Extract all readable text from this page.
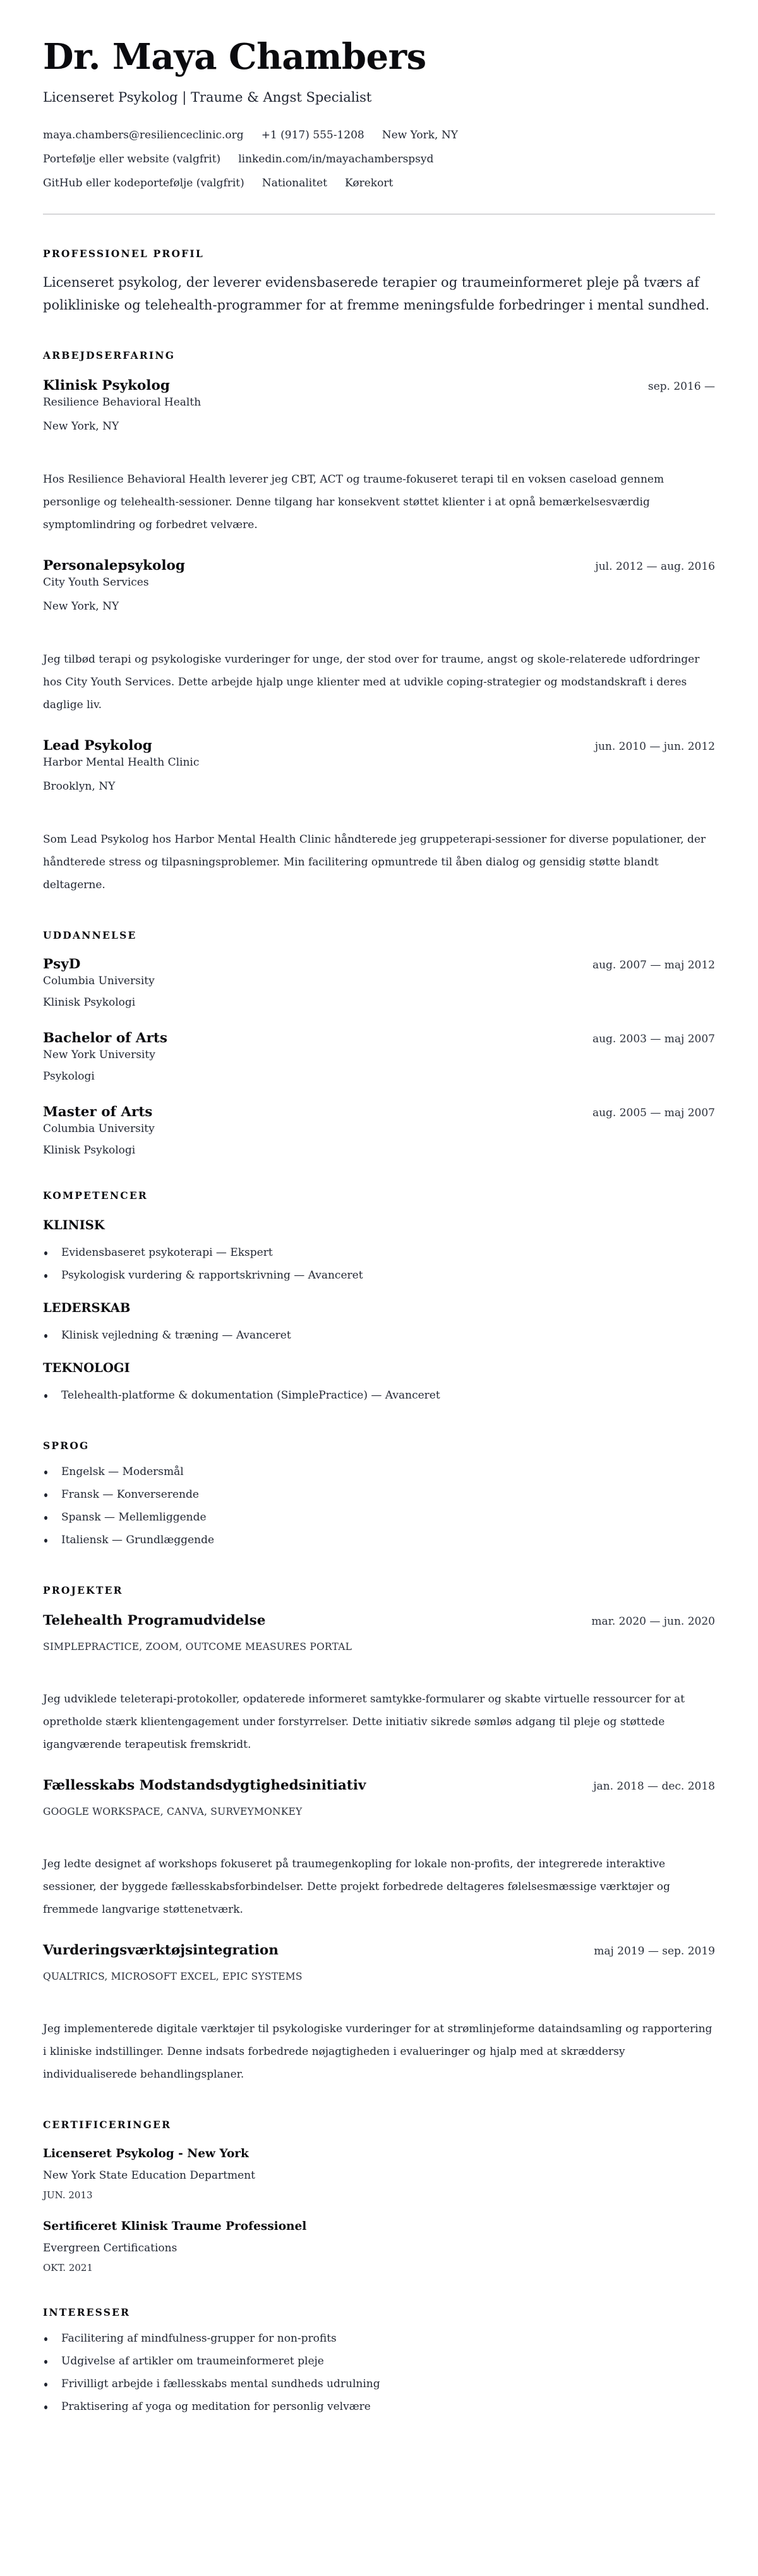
Dr. Maya Chambers
Licenseret Psykolog | Traume & Angst Specialist
maya.chambers@resilienceclinic.org +1 (917) 555-1208 New York, NY
Portefølje eller website (valgfrit) linkedin.com/in/mayachamberspsyd
GitHub eller kodeportefølje (valgfrit) Nationalitet Kørekort
PROFESSIONEL PROFIL

Licenseret psykolog, der leverer evidensbaserede terapier og traumeinformeret pleje på tværs af polikliniske og telehealth-programmer for at fremme meningsfulde forbedringer i mental sundhed.

ARBEJDSERFARING
Klinisk Psykolog	sep. 2016 —
Resilience Behavioral Health
New York, NY

Hos Resilience Behavioral Health leverer jeg CBT, ACT og traume-fokuseret terapi til en voksen caseload gennem personlige og telehealth-sessioner. Denne tilgang har konsekvent støttet klienter i at opnå bemærkelsesværdig symptomlindring og forbedret velvære.

Personalepsykolog	jul. 2012 — aug. 2016
City Youth Services
New York, NY

Jeg tilbød terapi og psykologiske vurderinger for unge, der stod over for traume, angst og skole-relaterede udfordringer hos City Youth Services. Dette arbejde hjalp unge klienter med at udvikle coping-strategier og modstandskraft i deres daglige liv.

Lead Psykolog	jun. 2010 — jun. 2012
Harbor Mental Health Clinic
Brooklyn, NY

Som Lead Psykolog hos Harbor Mental Health Clinic håndterede jeg gruppeterapi-sessioner for diverse populationer, der håndterede stress og tilpasningsproblemer. Min facilitering opmuntrede til åben dialog og gensidig støtte blandt deltagerne.

UDDANNELSE
PsyD	aug. 2007 — maj 2012
Columbia University
Klinisk Psykologi
Bachelor of Arts	aug. 2003 — maj 2007
New York University
Psykologi
Master of Arts	aug. 2005 — maj 2007
Columbia University
Klinisk Psykologi
KOMPETENCER
KLINISK
Evidensbaseret psykoterapi — Ekspert
Psykologisk vurdering & rapportskrivning — Avanceret
LEDERSKAB
Klinisk vejledning & træning — Avanceret
TEKNOLOGI
Telehealth-platforme & dokumentation (SimplePractice) — Avanceret
SPROG
Engelsk — Modersmål
Fransk — Konverserende
Spansk — Mellemliggende
Italiensk — Grundlæggende
PROJEKTER
Telehealth Programudvidelse	mar. 2020 — jun. 2020
SIMPLEPRACTICE, ZOOM, OUTCOME MEASURES PORTAL

Jeg udviklede teleterapi-protokoller, opdaterede informeret samtykke-formularer og skabte virtuelle ressourcer for at opretholde stærk klientengagement under forstyrrelser. Dette initiativ sikrede sømløs adgang til pleje og støttede igangværende terapeutisk fremskridt.

Fællesskabs Modstandsdygtighedsinitiativ	jan. 2018 — dec. 2018
GOOGLE WORKSPACE, CANVA, SURVEYMONKEY

Jeg ledte designet af workshops fokuseret på traumegenkopling for lokale non-profits, der integrerede interaktive sessioner, der byggede fællesskabsforbindelser. Dette projekt forbedrede deltageres følelsesmæssige værktøjer og fremmede langvarige støttenetværk.

Vurderingsværktøjsintegration	maj 2019 — sep. 2019
QUALTRICS, MICROSOFT EXCEL, EPIC SYSTEMS

Jeg implementerede digitale værktøjer til psykologiske vurderinger for at strømlinjeforme dataindsamling og rapportering i kliniske indstillinger. Denne indsats forbedrede nøjagtigheden i evalueringer og hjalp med at skræddersy individualiserede behandlingsplaner.

CERTIFICERINGER
Licenseret Psykolog - New York
New York State Education Department
JUN. 2013
Sertificeret Klinisk Traume Professionel
Evergreen Certifications
OKT. 2021
INTERESSER
Facilitering af mindfulness-grupper for non-profits
Udgivelse af artikler om traumeinformeret pleje
Frivilligt arbejde i fællesskabs mental sundheds udrulning
Praktisering af yoga og meditation for personlig velvære
